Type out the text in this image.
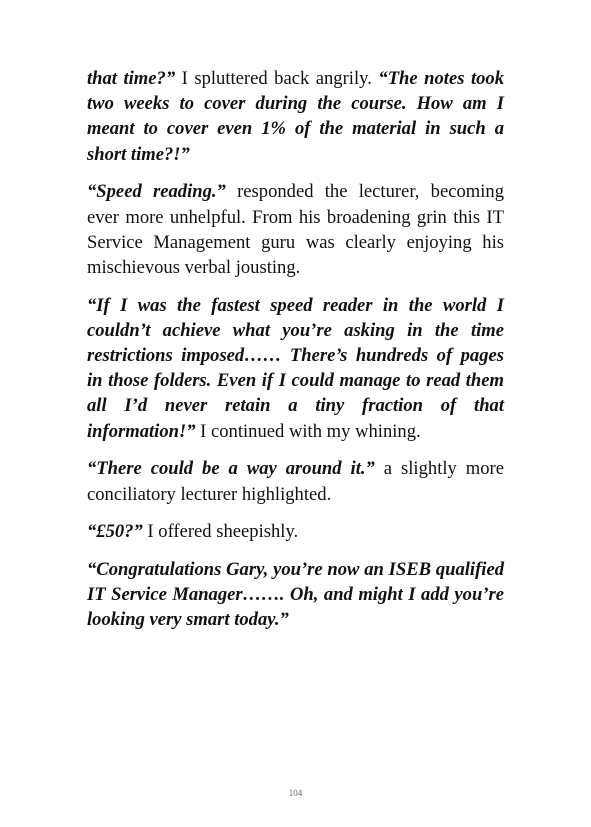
that time?” I spluttered back angrily. “The notes took two weeks to cover during the course. How am I meant to cover even 1% of the material in such a short time?!”

“Speed reading.” responded the lecturer, becoming ever more unhelpful. From his broadening grin this IT Service Management guru was clearly enjoying his mischievous verbal jousting.

“If I was the fastest speed reader in the world I couldn’t achieve what you’re asking in the time restrictions imposed…… There’s hundreds of pages in those folders. Even if I could manage to read them all I’d never retain a tiny fraction of that information!” I continued with my whining.

“There could be a way around it.” a slightly more conciliatory lecturer highlighted.

“£50?” I offered sheepishly.

“Congratulations Gary, you’re now an ISEB qualified IT Service Manager……. Oh, and might I add you’re looking very smart today.”

104
